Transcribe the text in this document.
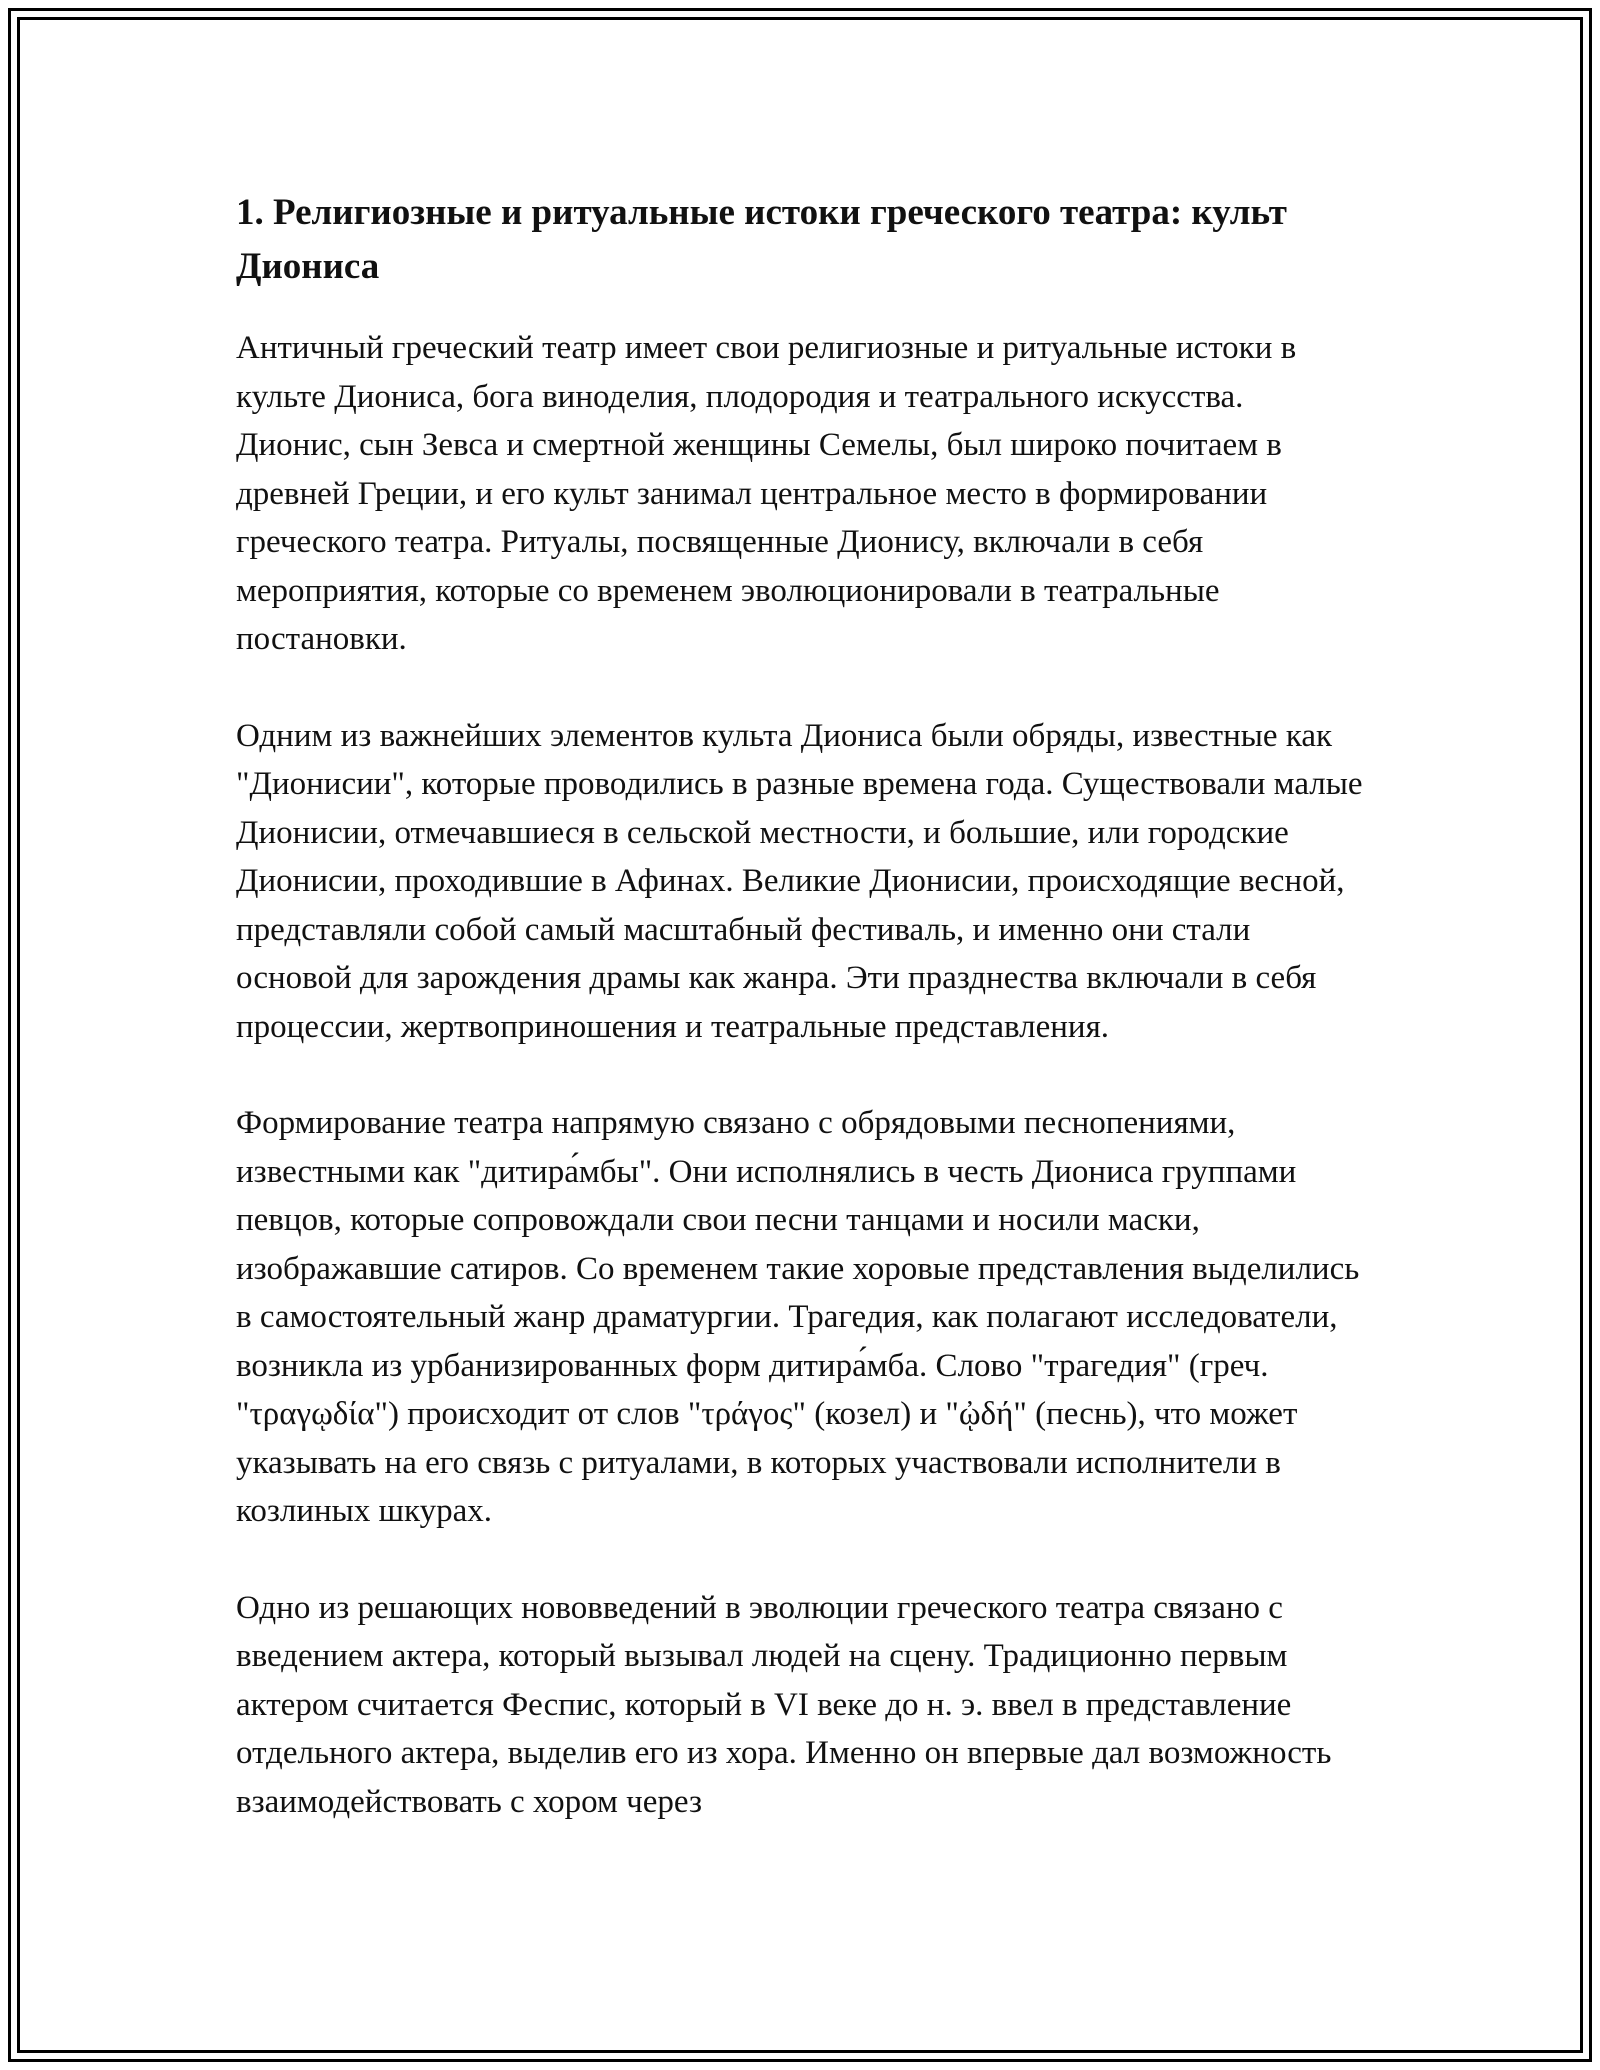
1. Религиозные и ритуальные истоки греческого театра: культ Диониса

Античный греческий театр имеет свои религиозные и ритуальные истоки в культе Диониса, бога виноделия, плодородия и театрального искусства. Дионис, сын Зевса и смертной женщины Семелы, был широко почитаем в древней Греции, и его культ занимал центральное место в формировании греческого театра. Ритуалы, посвященные Дионису, включали в себя мероприятия, которые со временем эволюционировали в театральные постановки.

Одним из важнейших элементов культа Диониса были обряды, известные как "Дионисии", которые проводились в разные времена года. Существовали малые Дионисии, отмечавшиеся в сельской местности, и большие, или городские Дионисии, проходившие в Афинах. Великие Дионисии, происходящие весной, представляли собой самый масштабный фестиваль, и именно они стали основой для зарождения драмы как жанра. Эти празднества включали в себя процессии, жертвоприношения и театральные представления.

Формирование театра напрямую связано с обрядовыми песнопениями, известными как "дитира́мбы". Они исполнялись в честь Диониса группами певцов, которые сопровождали свои песни танцами и носили маски, изображавшие сатиров. Со временем такие хоровые представления выделились в самостоятельный жанр драматургии. Трагедия, как полагают исследователи, возникла из урбанизированных форм дитира́мба. Слово "трагедия" (греч. "τραγῳδία") происходит от слов "τράγος" (козел) и "ᾠδή" (песнь), что может указывать на его связь с ритуалами, в которых участвовали исполнители в козлиных шкурах.

Одно из решающих нововведений в эволюции греческого театра связано с введением актера, который вызывал людей на сцену. Традиционно первым актером считается Феспис, который в VI веке до н. э. ввел в представление отдельного актера, выделив его из хора. Именно он впервые дал возможность взаимодействовать с хором через
